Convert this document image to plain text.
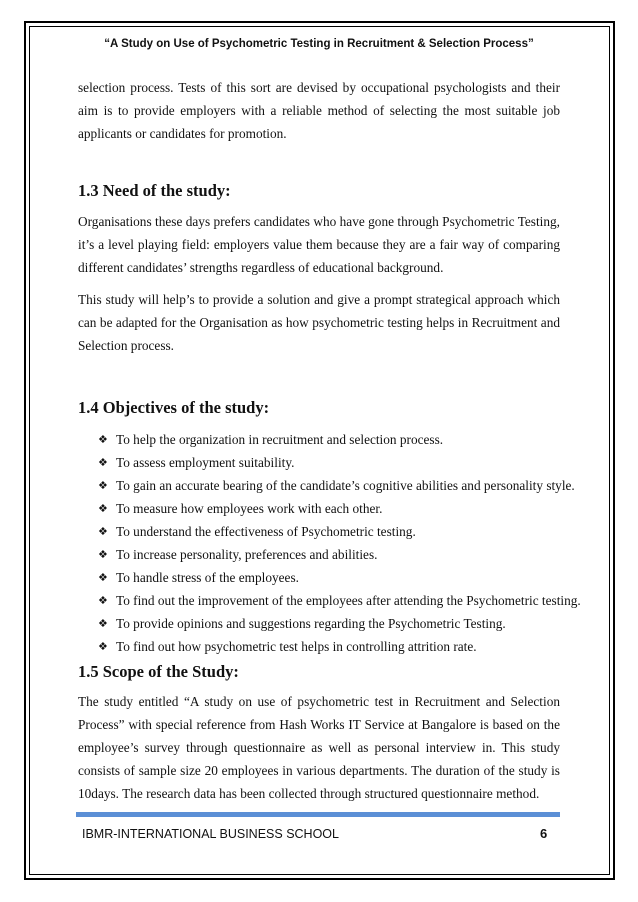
“A Study on Use of Psychometric Testing in Recruitment & Selection Process”

selection process. Tests of this sort are devised by occupational psychologists and their aim is to provide employers with a reliable method of selecting the most suitable job applicants or candidates for promotion.

1.3 Need of the study:

Organisations these days prefers candidates who have gone through Psychometric Testing, it’s a level playing field: employers value them because they are a fair way of comparing different candidates’ strengths regardless of educational background.

This study will help’s to provide a solution and give a prompt strategical approach which can be adapted for the Organisation as how psychometric testing helps in Recruitment and Selection process.

1.4 Objectives of the study:
❖ To help the organization in recruitment and selection process.
❖ To assess employment suitability.
❖ To gain an accurate bearing of the candidate’s cognitive abilities and personality style.
❖ To measure how employees work with each other.
❖ To understand the effectiveness of Psychometric testing.
❖ To increase personality, preferences and abilities.
❖ To handle stress of the employees.
❖ To find out the improvement of the employees after attending the Psychometric testing.
❖ To provide opinions and suggestions regarding the Psychometric Testing.
❖ To find out how psychometric test helps in controlling attrition rate.
1.5 Scope of the Study:

The study entitled “A study on use of psychometric test in Recruitment and Selection Process” with special reference from Hash Works IT Service at Bangalore is based on the employee’s survey through questionnaire as well as personal interview in. This study consists of sample size 20 employees in various departments. The duration of the study is 10days. The research data has been collected through structured questionnaire method.

IBMR-INTERNATIONAL BUSINESS SCHOOL	6
